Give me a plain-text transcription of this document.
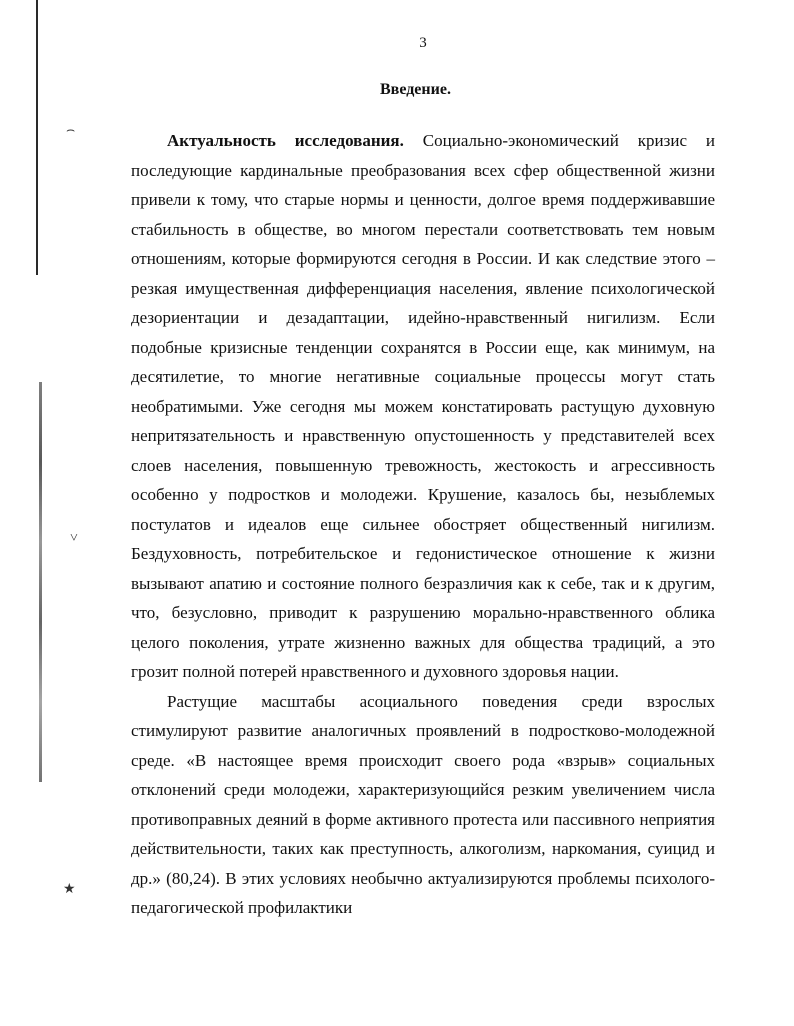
⌢
˅
★
3
Введение.

Актуальность исследования. Социально-экономический кризис и последующие кардинальные преобразования всех сфер общественной жизни привели к тому, что старые нормы и ценности, долгое время поддерживавшие стабильность в обществе, во многом перестали соответствовать тем новым отношениям, которые формируются сегодня в России. И как следствие этого – резкая имущественная дифференциация населения, явление психологической дезориентации и дезадаптации, идейно-нравственный нигилизм. Если подобные кризисные тенденции сохранятся в России еще, как минимум, на десятилетие, то многие негативные социальные процессы могут стать необратимыми. Уже сегодня мы можем констатировать растущую духовную непритязательность и нравственную опустошенность у представителей всех слоев населения, повышенную тревожность, жестокость и агрессивность особенно у подростков и молодежи. Крушение, казалось бы, незыблемых постулатов и идеалов еще сильнее обостряет общественный нигилизм. Бездуховность, потребительское и гедонистическое отношение к жизни вызывают апатию и состояние полного безразличия как к себе, так и к другим, что, безусловно, приводит к разрушению морально-нравственного облика целого поколения, утрате жизненно важных для общества традиций, а это грозит полной потерей нравственного и духовного здоровья нации.

Растущие масштабы асоциального поведения среди взрослых стимулируют развитие аналогичных проявлений в подростково-молодежной среде. «В настоящее время происходит своего рода «взрыв» социальных отклонений среди молодежи, характеризующийся резким увеличением числа противоправных деяний в форме активного протеста или пассивного неприятия действительности, таких как преступность, алкоголизм, наркомания, суицид и др.» (80,24). В этих условиях необычно актуализируются проблемы психолого-педагогической профилактики
